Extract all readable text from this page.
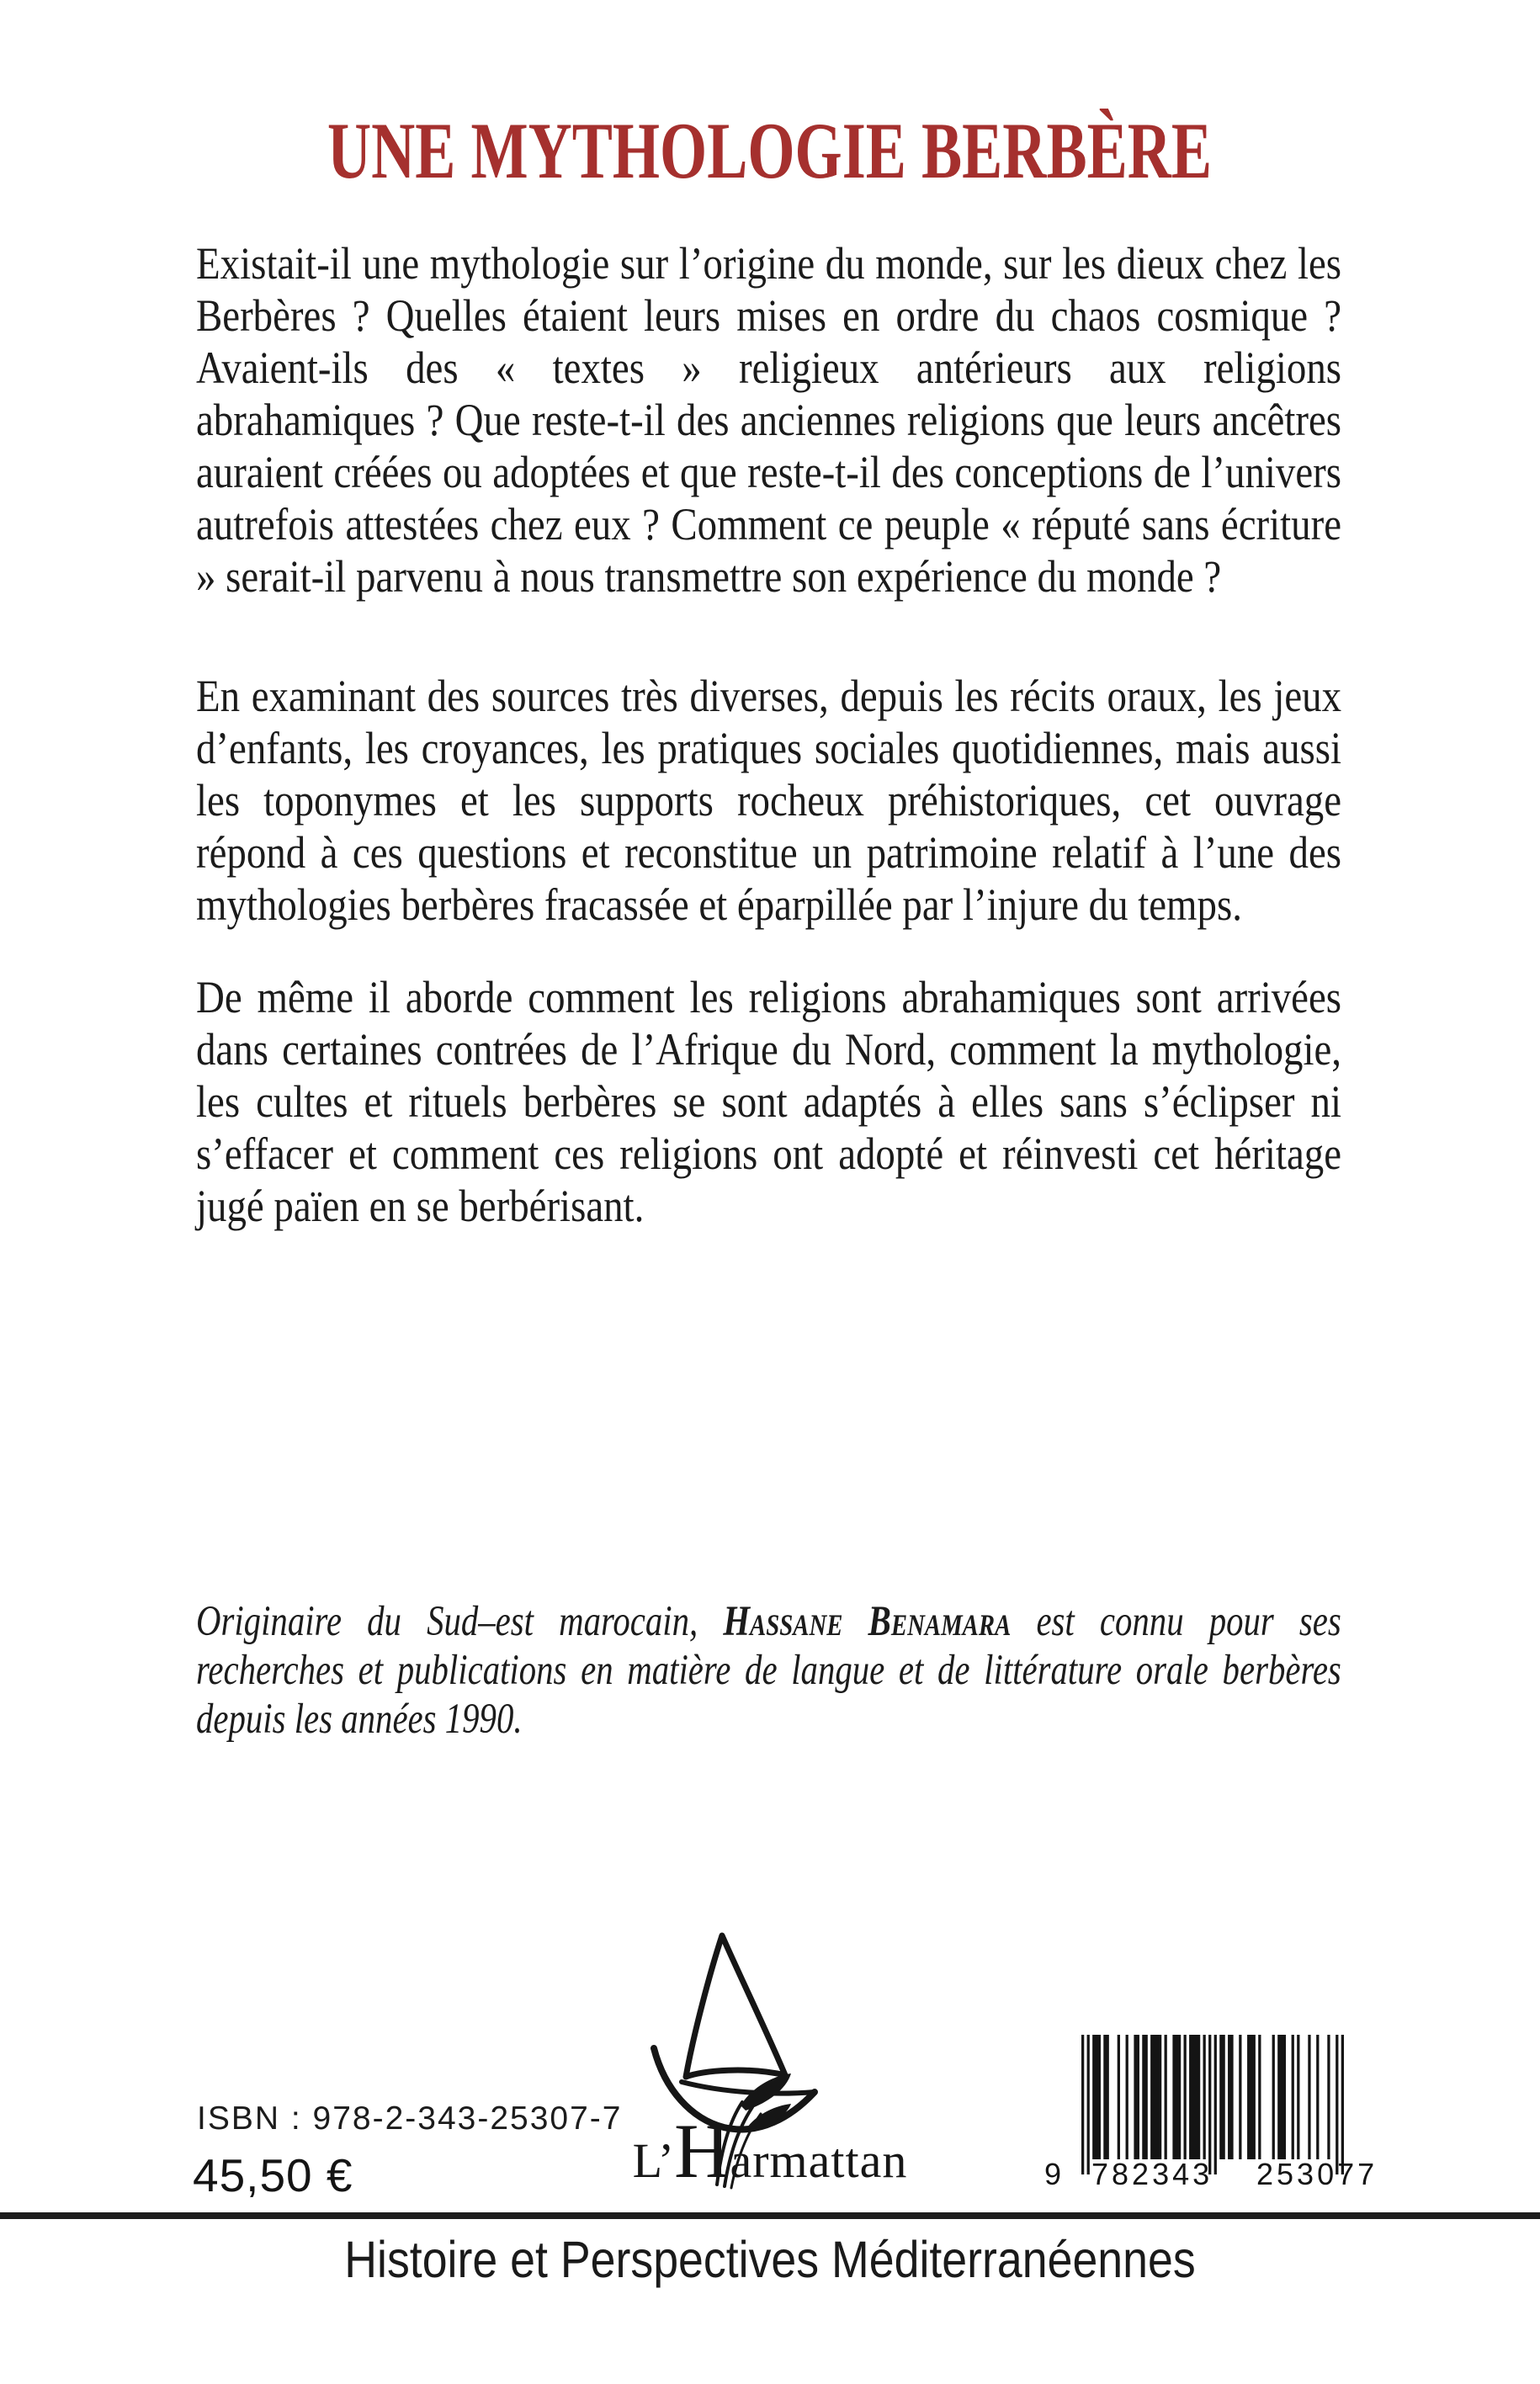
UNE MYTHOLOGIE BERBÈRE

Existait-il une mythologie sur l’origine du monde, sur les dieux chez les Berbères ? Quelles étaient leurs mises en ordre du chaos cosmique ? Avaient-ils des « textes » religieux antérieurs aux religions abrahamiques ? Que reste-t-il des anciennes religions que leurs ancêtres auraient créées ou adoptées et que reste-t-il des conceptions de l’univers autrefois attestées chez eux ? Comment ce peuple « réputé sans écriture » serait-il parvenu à nous transmettre son expérience du monde ?

En examinant des sources très diverses, depuis les récits oraux, les jeux d’enfants, les croyances, les pratiques sociales quotidiennes, mais aussi les toponymes et les supports rocheux préhistoriques, cet ouvrage répond à ces questions et reconstitue un patrimoine relatif à l’une des mythologies berbères fracassée et éparpillée par l’injure du temps.

De même il aborde comment les religions abrahamiques sont arrivées dans certaines contrées de l’Afrique du Nord, comment la mythologie, les cultes et rituels berbères se sont adaptés à elles sans s’éclipser ni s’effacer et comment ces religions ont adopté et réinvesti cet héritage jugé païen en se berbérisant.

Originaire du Sud–est marocain, Hassane Benamara est connu pour ses recherches et publications en matière de langue et de littérature orale berbères depuis les années 1990.

ISBN : 978-2-343-25307-7
45,50 €	L’Harmattan	9 782343 253077
Histoire et Perspectives Méditerranéennes
